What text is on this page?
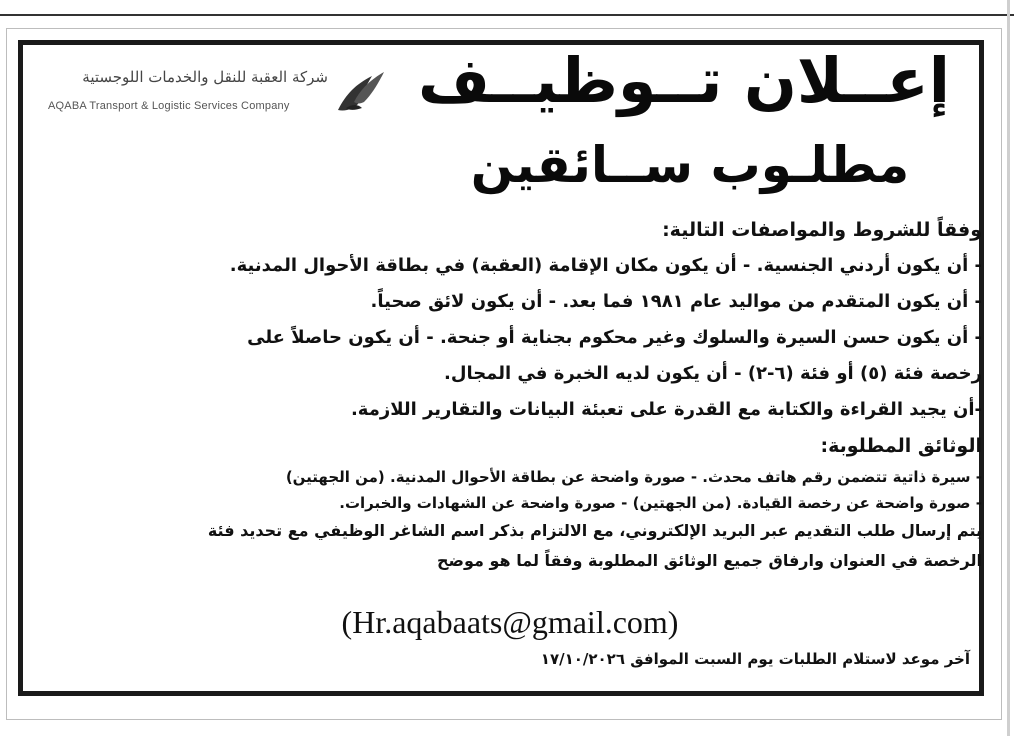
شركة العقبة للنقل والخدمات اللوجستية
AQABA Transport & Logistic Services Company	إعــلان تــوظيــف
مطلـوب ســائقين

وفقاً للشروط والمواصفات التالية:

- أن يكون أردني الجنسية. - أن يكون مكان الإقامة (العقبة) في بطاقة الأحوال المدنية.

- أن يكون المتقدم من مواليد عام ١٩٨١ فما بعد. - أن يكون لائق صحياً.

- أن يكون حسن السيرة والسلوك وغير محكوم بجناية أو جنحة. - أن يكون حاصلاً على

رخصة فئة (٥) أو فئة (٦-٢) - أن يكون لديه الخبرة في المجال.

-أن يجيد القراءة والكتابة مع القدرة على تعبئة البيانات والتقارير اللازمة.

الوثائق المطلوبة:

- سيرة ذاتية تتضمن رقم هاتف محدث. - صورة واضحة عن بطاقة الأحوال المدنية. (من الجهتين)

- صورة واضحة عن رخصة القيادة. (من الجهتين) - صورة واضحة عن الشهادات والخبرات.

يتم إرسال طلب التقديم عبر البريد الإلكتروني، مع الالتزام بذكر اسم الشاغر الوظيفي مع تحديد فئة

الرخصة في العنوان وارفاق جميع الوثائق المطلوبة وفقاً لما هو موضح

(Hr.aqabaats@gmail.com)
آخر موعد لاستلام الطلبات يوم السبت الموافق ١٧/١٠/٢٠٢٦
